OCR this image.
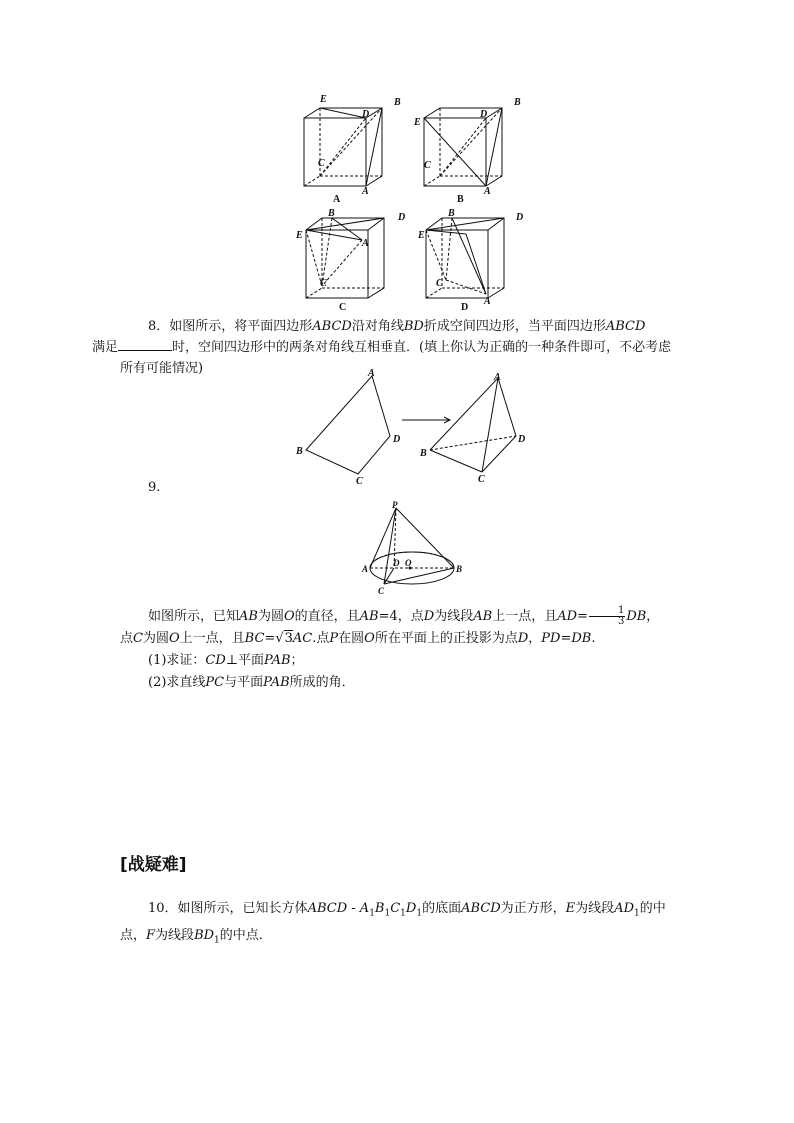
E
D
B
C
A
E
D
B
C
A
B	D
E
A
C
B	D
E
C
A
A	B
C	D
8．如图所示，将平面四边形ABCD沿对角线BD折成空间四边形，当平面四边形ABCD
满足	时，空间四边形中的两条对角线互相垂直．(填上你认为正确的一种条件即可，不必考虑所有可能情况)	A
B
D
C
A
B
D
C
9.
P
A
D O
B
C
如图所示，已知AB为圆O的直径，且AB=4，点D为线段AB上一点，且$AD= \frac{1}{3}$ DB，
点C为圆O上一点，且BC=√3AC.点P在圆O所在平面上的正投影为点D，PD=DB.
(1)求证：CD⊥平面PAB；
(2)求直线PC与平面PAB所成的角．
[战疑难]
10．如图所示，已知长方体ABCD - $A_1B_1C_1D_1$的底面ABCD为正方形，E为线段$AD_1$的中点，F为线段$BD_1$的中点．
